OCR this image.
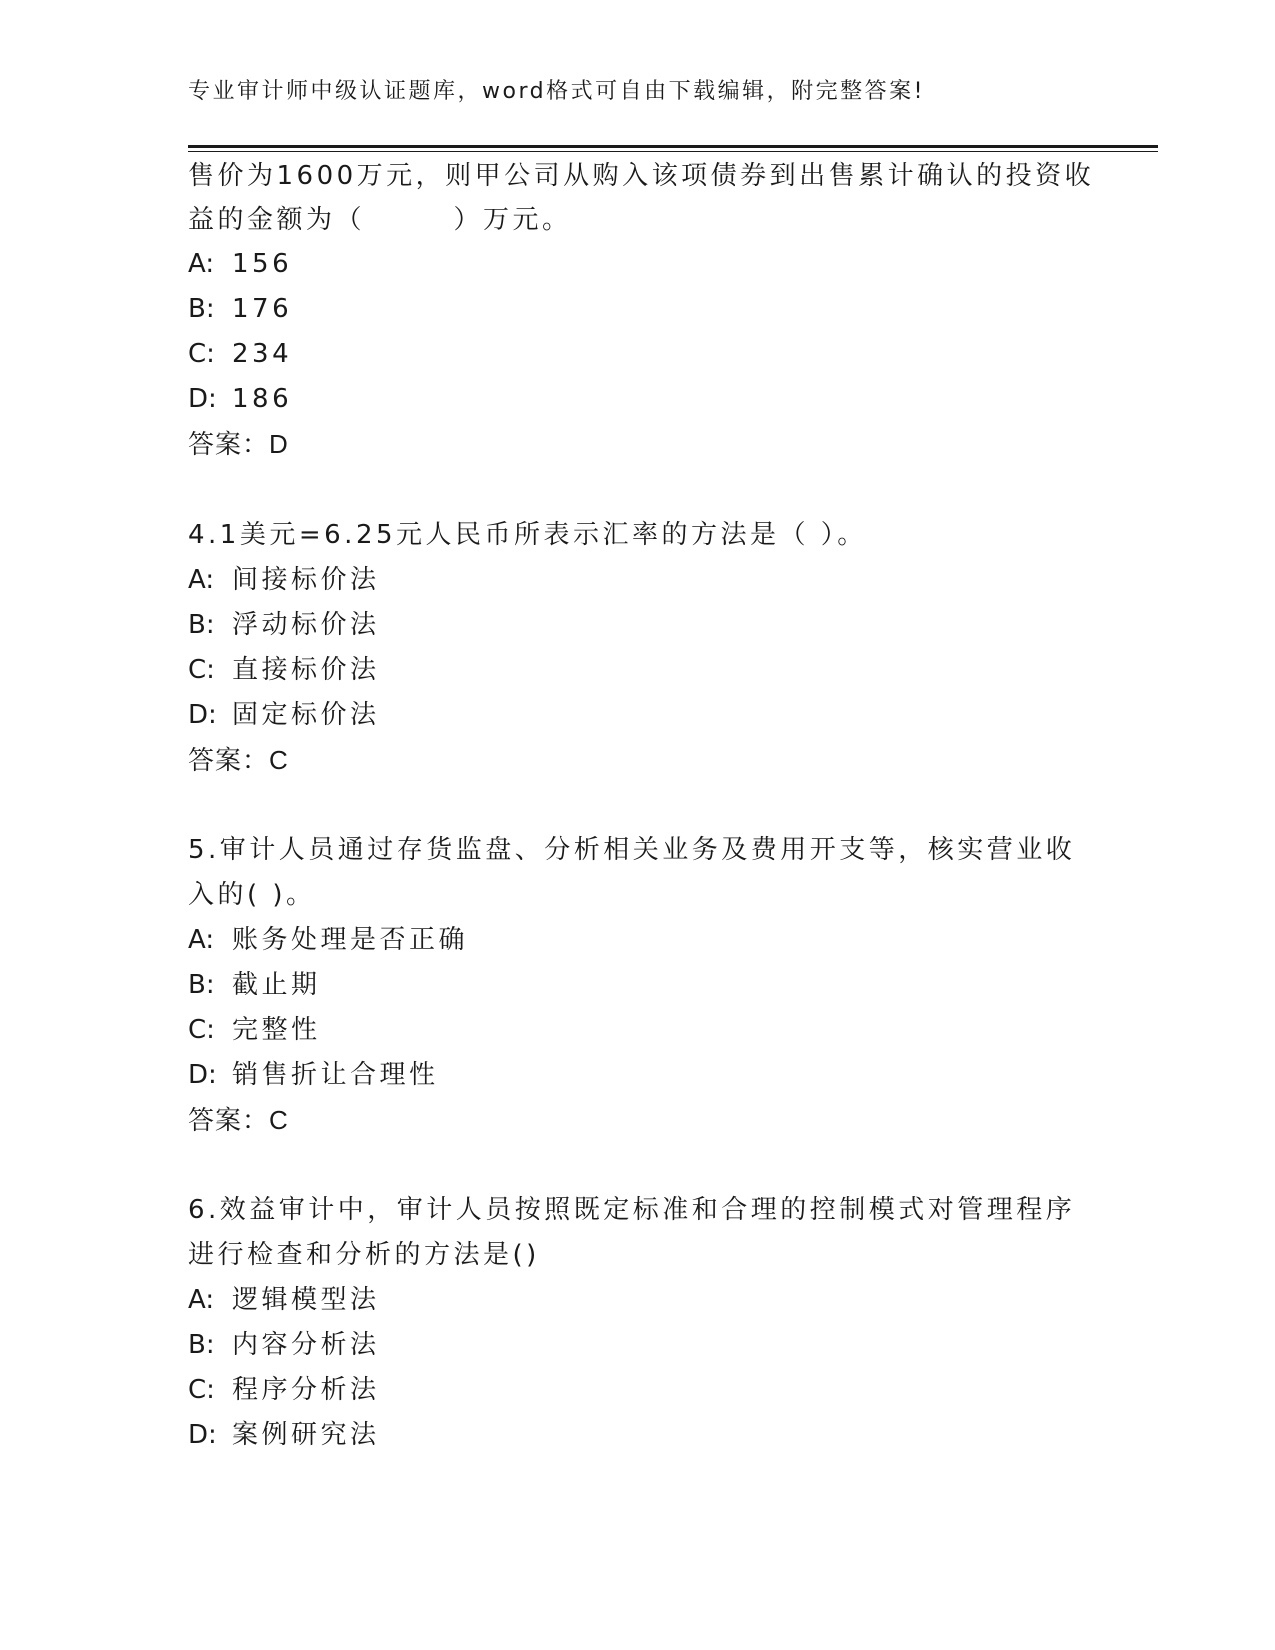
专业审计师中级认证题库，word格式可自由下载编辑，附完整答案!
售价为1600万元，则甲公司从购入该项债券到出售累计确认的投资收
益的金额为（　　　）万元。
A: 156
B: 176
C: 234
D: 186
答案：D
4.1美元=6.25元人民币所表示汇率的方法是（ ）。
A: 间接标价法
B: 浮动标价法
C: 直接标价法
D: 固定标价法
答案：C
5.审计人员通过存货监盘、分析相关业务及费用开支等，核实营业收
入的( )。
A: 账务处理是否正确
B: 截止期
C: 完整性
D: 销售折让合理性
答案：C
6.效益审计中，审计人员按照既定标准和合理的控制模式对管理程序
进行检查和分析的方法是()
A: 逻辑模型法
B: 内容分析法
C: 程序分析法
D: 案例研究法
